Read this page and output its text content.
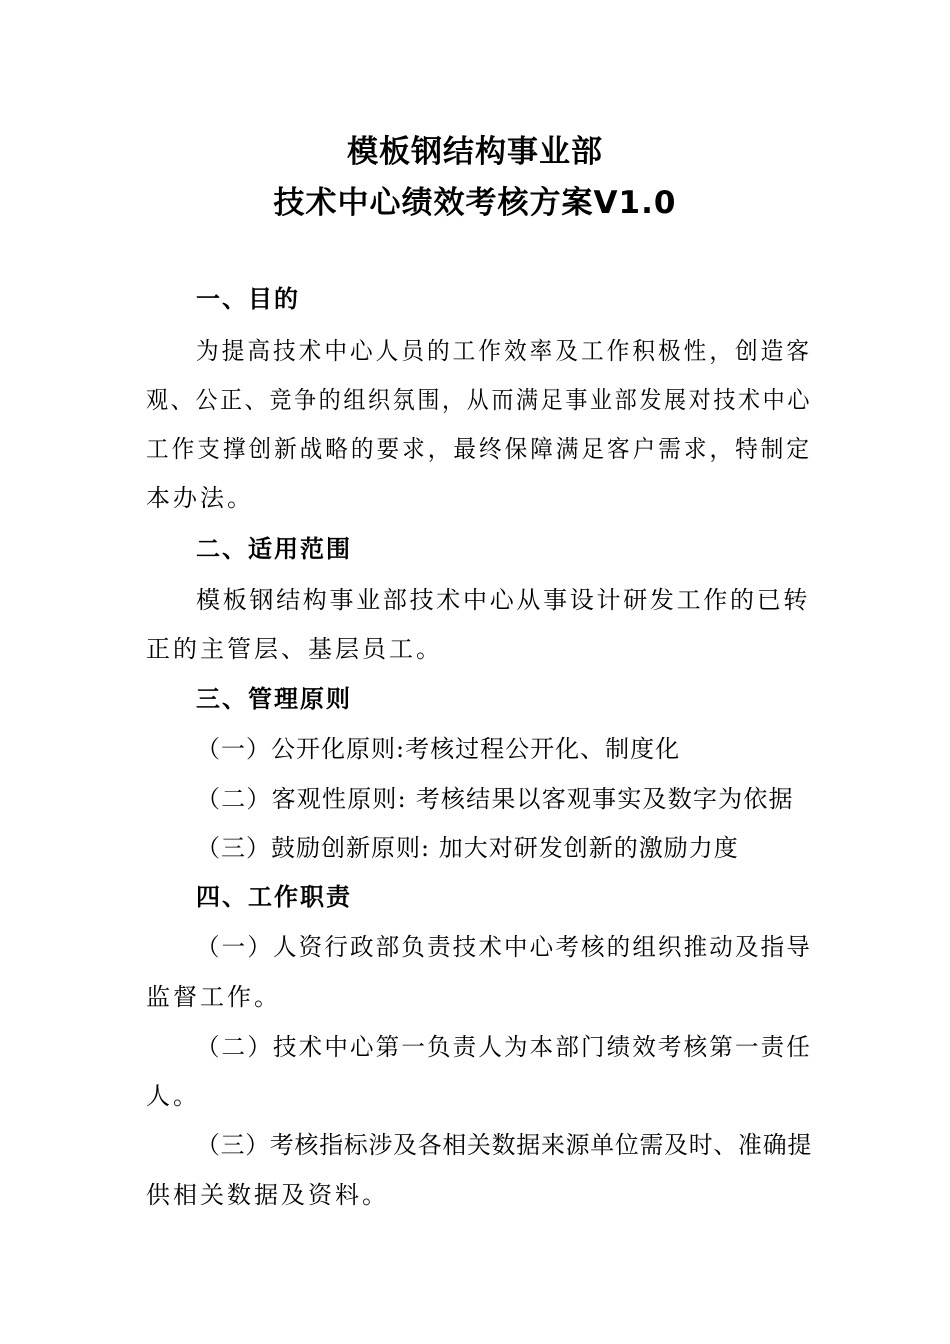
模板钢结构事业部
技术中心绩效考核方案V1.0
一、目的
为提高技术中心人员的工作效率及工作积极性，创造客
观、公正、竞争的组织氛围，从而满足事业部发展对技术中心
工作支撑创新战略的要求，最终保障满足客户需求，特制定
本办法。
二、适用范围
模板钢结构事业部技术中心从事设计研发工作的已转
正的主管层、基层员工。
三、管理原则
（一）公开化原则:考核过程公开化、制度化
（二）客观性原则: 考核结果以客观事实及数字为依据
（三）鼓励创新原则: 加大对研发创新的激励力度
四、工作职责
（一）人资行政部负责技术中心考核的组织推动及指导
监督工作。
（二）技术中心第一负责人为本部门绩效考核第一责任
人。
（三）考核指标涉及各相关数据来源单位需及时、准确提
供相关数据及资料。
